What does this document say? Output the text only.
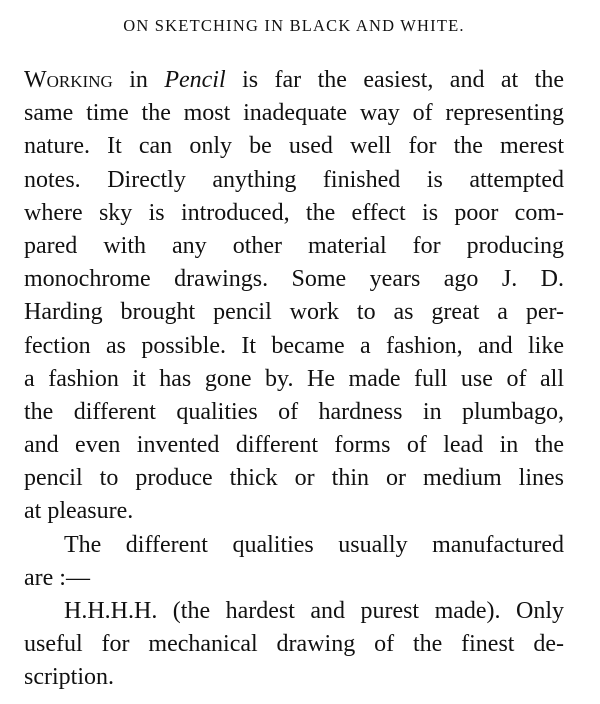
ON SKETCHING IN BLACK AND WHITE.
Working in Pencil is far the easiest, and at the
same time the most inadequate way of representing
nature. It can only be used well for the merest
notes. Directly anything finished is attempted
where sky is introduced, the effect is poor com-
pared with any other material for producing
monochrome drawings. Some years ago J. D.
Harding brought pencil work to as great a per-
fection as possible. It became a fashion, and like
a fashion it has gone by. He made full use of all
the different qualities of hardness in plumbago,
and even invented different forms of lead in the
pencil to produce thick or thin or medium lines
at pleasure.
The different qualities usually manufactured
are :—
H.H.H.H. (the hardest and purest made). Only
useful for mechanical drawing of the finest de-
scription.
